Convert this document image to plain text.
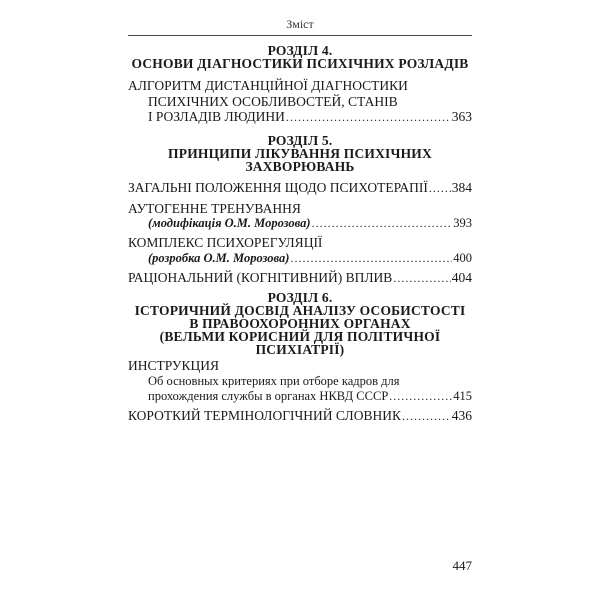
Зміст

РОЗДІЛ 4.

ОСНОВИ ДІАГНОСТИКИ ПСИХІЧНИХ РОЗЛАДІВ

АЛГОРИТМ ДИСТАНЦІЙНОЇ ДІАГНОСТИКИ

ПСИХІЧНИХ ОСОБЛИВОСТЕЙ, СТАНІВ

І РОЗЛАДІВ ЛЮДИНИ .....	363

РОЗДІЛ 5.

ПРИНЦИПИ ЛІКУВАННЯ ПСИХІЧНИХ

ЗАХВОРЮВАНЬ

ЗАГАЛЬНІ ПОЛОЖЕННЯ ЩОДО ПСИХОТЕРАПІЇ ..... 384

АУТОГЕННЕ ТРЕНУВАННЯ

(модифікація О.М. Морозова) .....	393

КОМПЛЕКС ПСИХОРЕГУЛЯЦІЇ

(розробка О.М. Морозова) .....	400
РАЦІОНАЛЬНИЙ (КОГНІТИВНИЙ) ВПЛИВ .....	404

РОЗДІЛ 6.

ІСТОРИЧНИЙ ДОСВІД АНАЛІЗУ ОСОБИСТОСТІ

В ПРАВООХОРОННИХ ОРГАНАХ

(ВЕЛЬМИ КОРИСНИЙ ДЛЯ ПОЛІТИЧНОЇ

ПСИХІАТРІЇ)

ИНСТРУКЦИЯ

Об основных критериях при отборе кадров для

прохождения службы в органах НКВД СССР .....	415
КОРОТКИЙ ТЕРМІНОЛОГІЧНИЙ СЛОВНИК .....	436
447
